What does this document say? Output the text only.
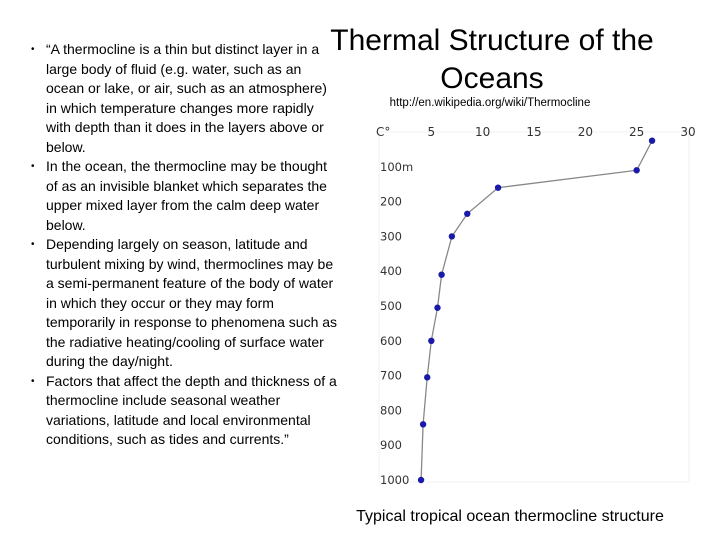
Thermal Structure of the Oceans
http://en.wikipedia.org/wiki/Thermocline
• “A thermocline is a thin but distinct layer in a large body of fluid (e.g. water, such as an ocean or lake, or air, such as an atmosphere) in which temperature changes more rapidly with depth than it does in the layers above or below.
• In the ocean, the thermocline may be thought of as an invisible blanket which separates the upper mixed layer from the calm deep water below.
• Depending largely on season, latitude and turbulent mixing by wind, thermoclines may be a semi-permanent feature of the body of water in which they occur or they may form temporarily in response to phenomena such as the radiative heating/cooling of surface water during the day/night.
• Factors that affect the depth and thickness of a thermocline include seasonal weather variations, latitude and local environmental conditions, such as tides and currents.”
C°	5	10	15	20	25	30
100m
200
300
400
500
600
700
800
900
1000
Typical tropical ocean thermocline structure
